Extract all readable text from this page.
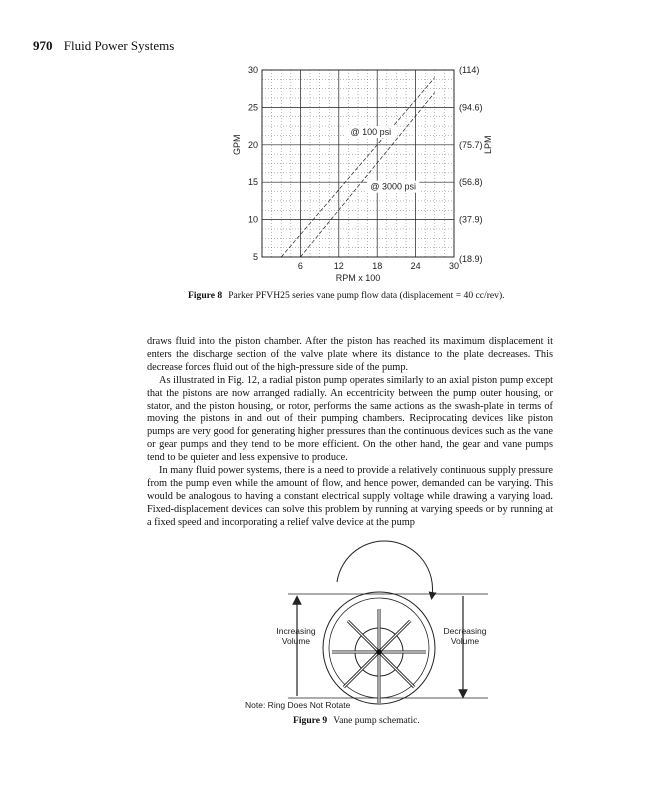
970 Fluid Power Systems
@ 100 psi
@ 3000 psi
6	12	18	24	30
5
10
15
20
25
30
(18.9)
(37.9)
(56.8)
(75.7)
(94.6)
(114)
RPM x 100
GPM	LPM
Figure 8 Parker PFVH25 series vane pump flow data (displacement = 40 cc/rev).

draws fluid into the piston chamber. After the piston has reached its maximum displacement it enters the discharge section of the valve plate where its distance to the plate decreases. This decrease forces fluid out of the high-pressure side of the pump.

As illustrated in Fig. 12, a radial piston pump operates similarly to an axial piston pump except that the pistons are now arranged radially. An eccentricity between the pump outer housing, or stator, and the piston housing, or rotor, performs the same actions as the swash-plate in terms of moving the pistons in and out of their pumping chambers. Reciprocating devices like piston pumps are very good for generating higher pressures than the continuous devices such as the vane or gear pumps and they tend to be more efficient. On the other hand, the gear and vane pumps tend to be quieter and less expensive to produce.

In many fluid power systems, there is a need to provide a relatively continuous supply pressure from the pump even while the amount of flow, and hence power, demanded can be varying. This would be analogous to having a constant electrical supply voltage while drawing a varying load. Fixed-displacement devices can solve this problem by running at varying speeds or by running at a fixed speed and incorporating a relief valve device at the pump

Increasing
Volume
Decreasing
Volume
Note: Ring Does Not Rotate
Figure 9 Vane pump schematic.
